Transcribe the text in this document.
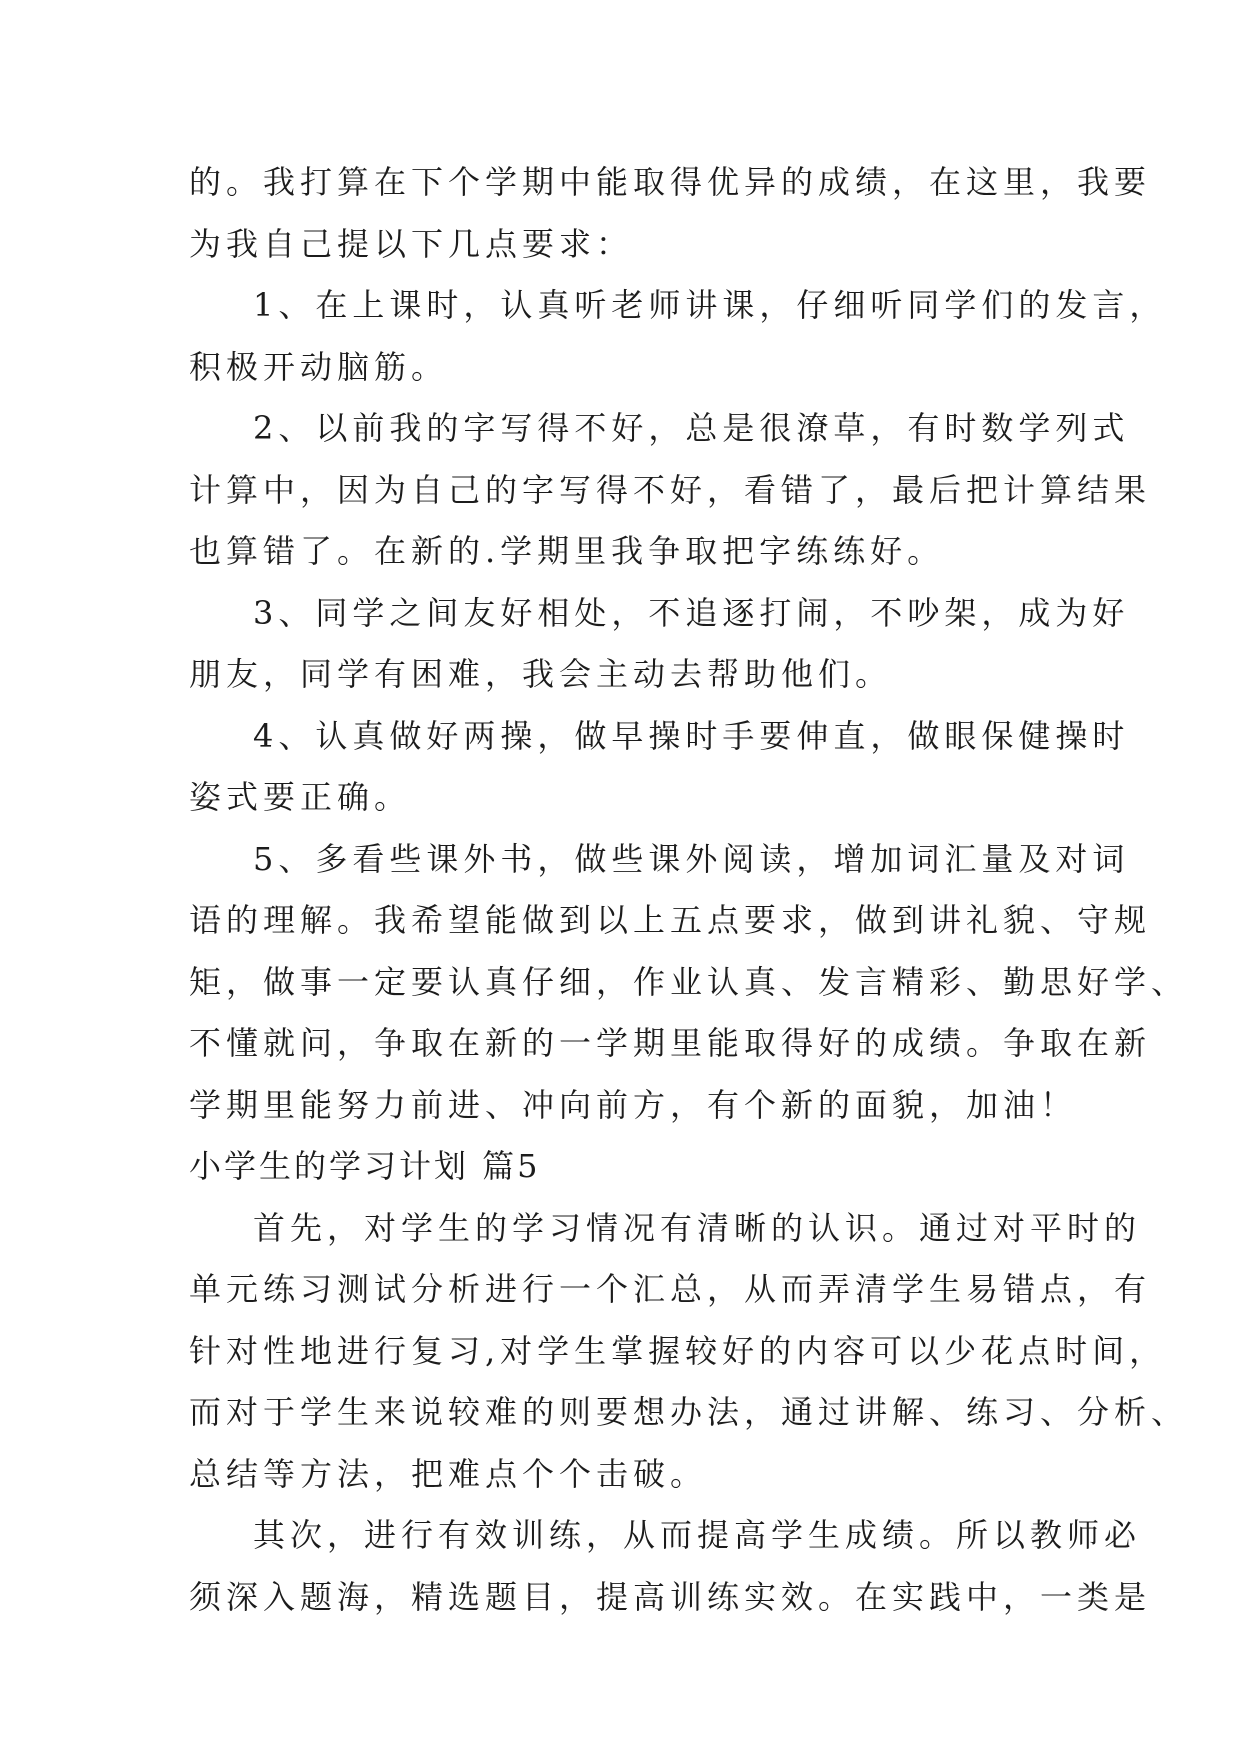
的。我打算在下个学期中能取得优异的成绩，在这里，我要
为我自己提以下几点要求：
1、在上课时，认真听老师讲课，仔细听同学们的发言，
积极开动脑筋。
2、以前我的字写得不好，总是很潦草，有时数学列式
计算中，因为自己的字写得不好，看错了，最后把计算结果
也算错了。在新的.学期里我争取把字练练好。
3、同学之间友好相处，不追逐打闹，不吵架，成为好
朋友，同学有困难，我会主动去帮助他们。
4、认真做好两操，做早操时手要伸直，做眼保健操时
姿式要正确。
5、多看些课外书，做些课外阅读，增加词汇量及对词
语的理解。我希望能做到以上五点要求，做到讲礼貌、守规
矩，做事一定要认真仔细，作业认真、发言精彩、勤思好学、
不懂就问，争取在新的一学期里能取得好的成绩。争取在新
学期里能努力前进、冲向前方，有个新的面貌，加油！
小学生的学习计划 篇5
首先，对学生的学习情况有清晰的认识。通过对平时的
单元练习测试分析进行一个汇总，从而弄清学生易错点，有
针对性地进行复习,对学生掌握较好的内容可以少花点时间，
而对于学生来说较难的则要想办法，通过讲解、练习、分析、
总结等方法，把难点个个击破。
其次，进行有效训练，从而提高学生成绩。所以教师必
须深入题海，精选题目，提高训练实效。在实践中，一类是
